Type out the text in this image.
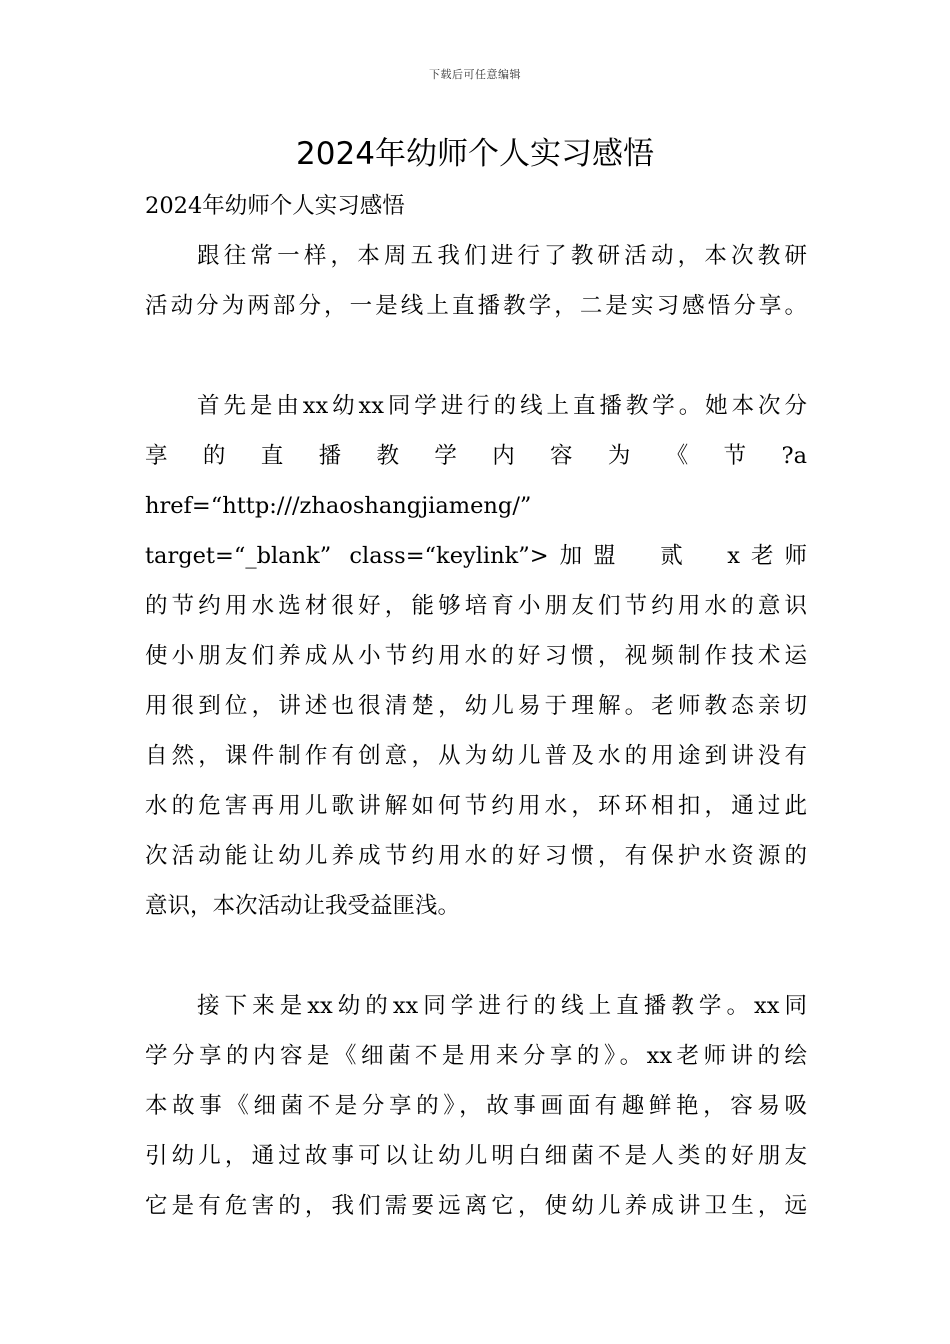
下载后可任意编辑
2024年幼师个人实习感悟
2024年幼师个人实习感悟
跟往常一样，本周五我们进行了教研活动，本次教研
活动分为两部分，一是线上直播教学，二是实习感悟分享。
首先是由xx幼xx同学进行的线上直播教学。她本次分
享 的 直 播 教 学 内 容 为 《 节 ?a
href=“http:///zhaoshangjiameng/”
target=“_blank” class=“keylink”>加盟　贰　x老师
的节约用水选材很好，能够培育小朋友们节约用水的意识
使小朋友们养成从小节约用水的好习惯，视频制作技术运
用很到位，讲述也很清楚，幼儿易于理解。老师教态亲切
自然，课件制作有创意，从为幼儿普及水的用途到讲没有
水的危害再用儿歌讲解如何节约用水，环环相扣，通过此
次活动能让幼儿养成节约用水的好习惯，有保护水资源的
意识，本次活动让我受益匪浅。
接下来是xx幼的xx同学进行的线上直播教学。xx同
学分享的内容是《细菌不是用来分享的》。xx老师讲的绘
本故事《细菌不是分享的》，故事画面有趣鲜艳，容易吸
引幼儿，通过故事可以让幼儿明白细菌不是人类的好朋友
它是有危害的，我们需要远离它，使幼儿养成讲卫生，远
